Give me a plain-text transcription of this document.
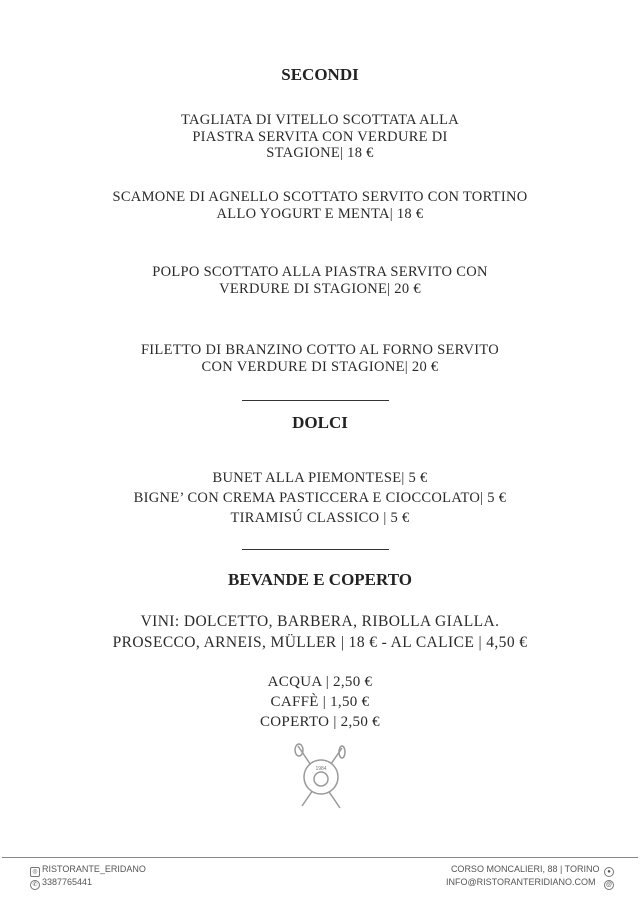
SECONDI
TAGLIATA DI VITELLO SCOTTATA ALLA
PIASTRA SERVITA CON VERDURE DI
STAGIONE| 18 €
SCAMONE DI AGNELLO SCOTTATO SERVITO CON TORTINO
ALLO YOGURT E MENTA| 18 €
POLPO SCOTTATO ALLA PIASTRA SERVITO CON
VERDURE DI STAGIONE| 20 €
FILETTO DI BRANZINO COTTO AL FORNO SERVITO
CON VERDURE DI STAGIONE| 20 €
DOLCI
BUNET ALLA PIEMONTESE| 5 €
BIGNE’ CON CREMA PASTICCERA E CIOCCOLATO| 5 €
TIRAMISÚ CLASSICO | 5 €
BEVANDE E COPERTO
VINI: DOLCETTO, BARBERA, RIBOLLA GIALLA.
PROSECCO, ARNEIS, MÜLLER | 18 € - AL CALICE | 4,50 €
ACQUA | 2,50 €
CAFFÈ | 1,50 €
COPERTO | 2,50 €
1984
◎ RISTORANTE_ERIDANO
✆ 3387765441
CORSO MONCALIERI, 88 | TORINO ●
INFO@RISTORANTERIDIANO.COM @
